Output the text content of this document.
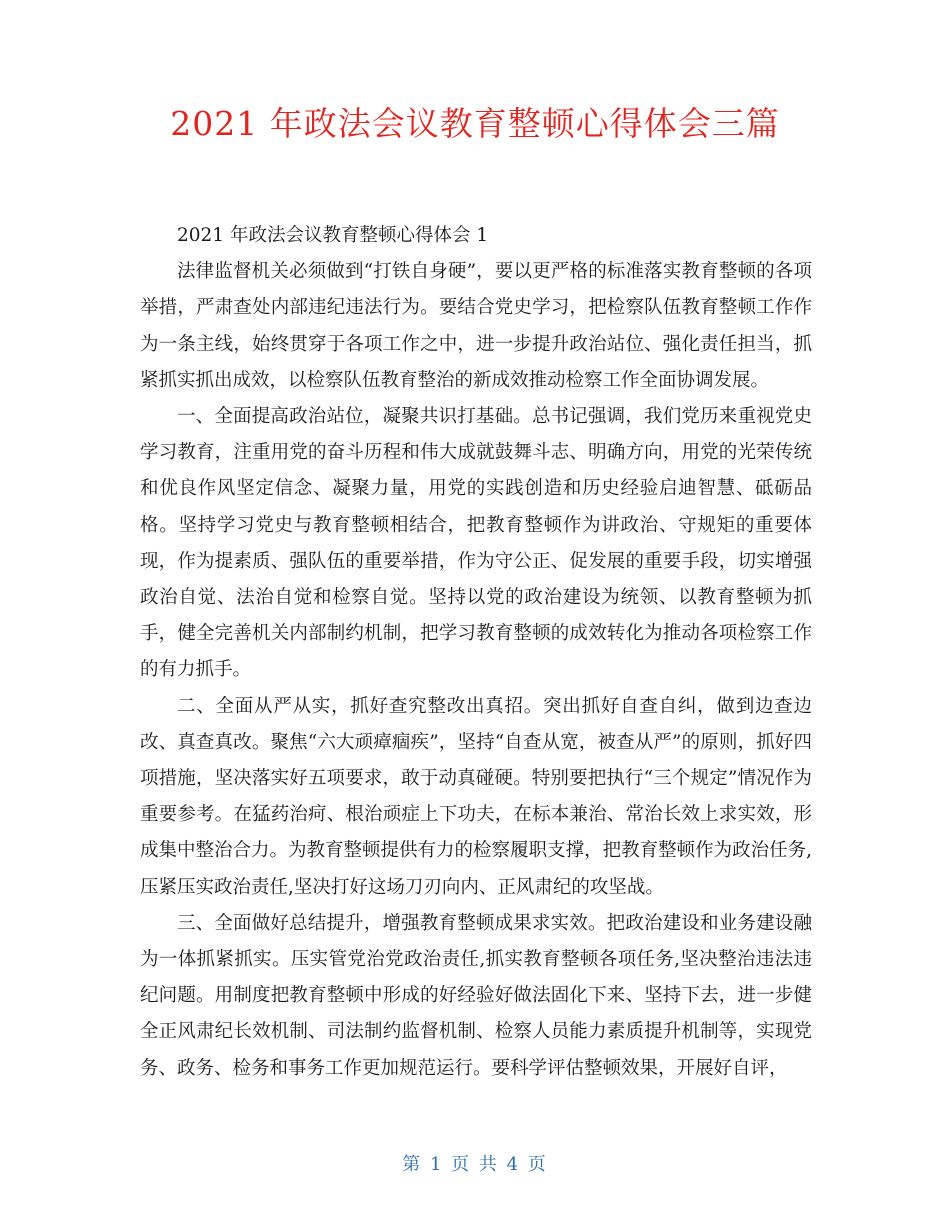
2021 年政法会议教育整顿心得体会三篇

2021 年政法会议教育整顿心得体会 1

法律监督机关必须做到“打铁自身硬”，要以更严格的标准落实教育整顿的各项举措，严肃查处内部违纪违法行为。要结合党史学习，把检察队伍教育整顿工作作为一条主线，始终贯穿于各项工作之中，进一步提升政治站位、强化责任担当，抓紧抓实抓出成效，以检察队伍教育整治的新成效推动检察工作全面协调发展。

一、全面提高政治站位，凝聚共识打基础。总书记强调，我们党历来重视党史学习教育，注重用党的奋斗历程和伟大成就鼓舞斗志、明确方向，用党的光荣传统和优良作风坚定信念、凝聚力量，用党的实践创造和历史经验启迪智慧、砥砺品格。坚持学习党史与教育整顿相结合，把教育整顿作为讲政治、守规矩的重要体现，作为提素质、强队伍的重要举措，作为守公正、促发展的重要手段，切实增强政治自觉、法治自觉和检察自觉。坚持以党的政治建设为统领、以教育整顿为抓手，健全完善机关内部制约机制，把学习教育整顿的成效转化为推动各项检察工作的有力抓手。

二、全面从严从实，抓好查究整改出真招。突出抓好自查自纠，做到边查边改、真查真改。聚焦“六大顽瘴痼疾”，坚持“自查从宽，被查从严”的原则，抓好四项措施，坚决落实好五项要求，敢于动真碰硬。特别要把执行“三个规定”情况作为重要参考。在猛药治疴、根治顽症上下功夫，在标本兼治、常治长效上求实效，形成集中整治合力。为教育整顿提供有力的检察履职支撑，把教育整顿作为政治任务,压紧压实政治责任,坚决打好这场刀刃向内、正风肃纪的攻坚战。

三、全面做好总结提升，增强教育整顿成果求实效。把政治建设和业务建设融为一体抓紧抓实。压实管党治党政治责任,抓实教育整顿各项任务,坚决整治违法违纪问题。用制度把教育整顿中形成的好经验好做法固化下来、坚持下去，进一步健全正风肃纪长效机制、司法制约监督机制、检察人员能力素质提升机制等，实现党务、政务、检务和事务工作更加规范运行。要科学评估整顿效果，开展好自评，

第 1 页 共 4 页
